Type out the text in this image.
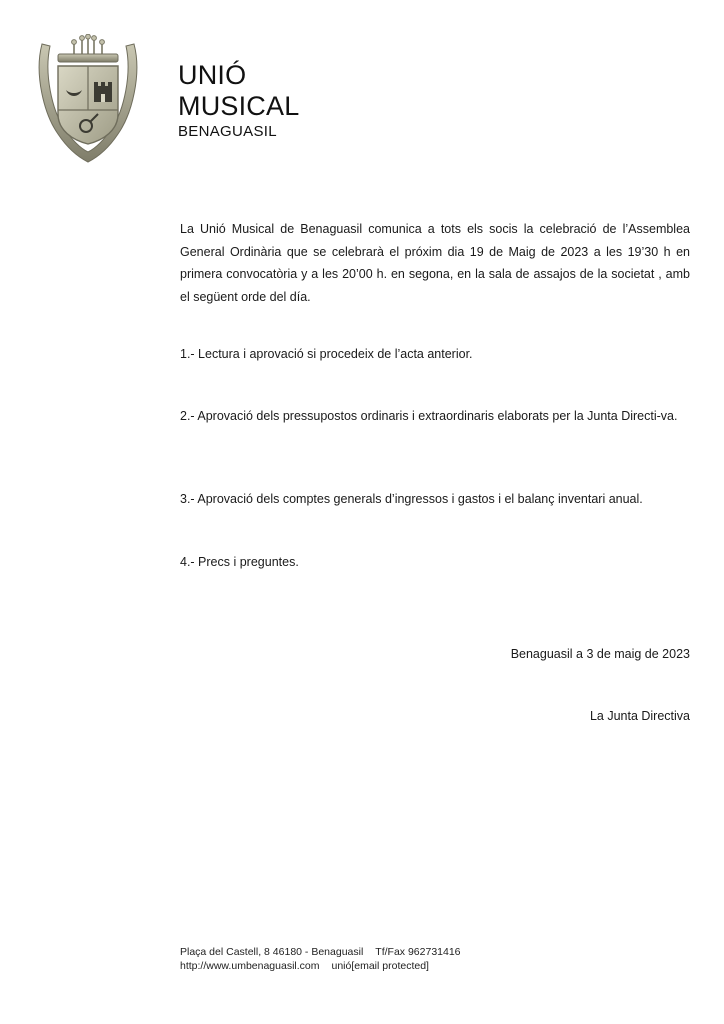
UNIÓ
MUSICAL
BENAGUASIL
La Unió Musical de Benaguasil comunica a tots els socis la celebració de l’Assemblea General Ordinària que se celebrarà el próxim dia 19 de Maig de 2023 a les 19’30 h en primera convocatòria y a les 20’00 h. en segona, en la sala de assajos de la societat , amb el següent orde del día.
1.- Lectura i aprovació si procedeix de l’acta anterior.
2.- Aprovació dels pressupostos ordinaris i extraordinaris elaborats per la Junta Directi-va.
3.- Aprovació dels comptes generals d’ingressos i gastos i el balanç inventari anual.
4.- Precs i preguntes.
Benaguasil a 3 de maig de 2023
La Junta Directiva
Plaça del Castell, 8 46180 - Benaguasil Tf/Fax 962731416
http://www.umbenaguasil.com unió[email protected]
